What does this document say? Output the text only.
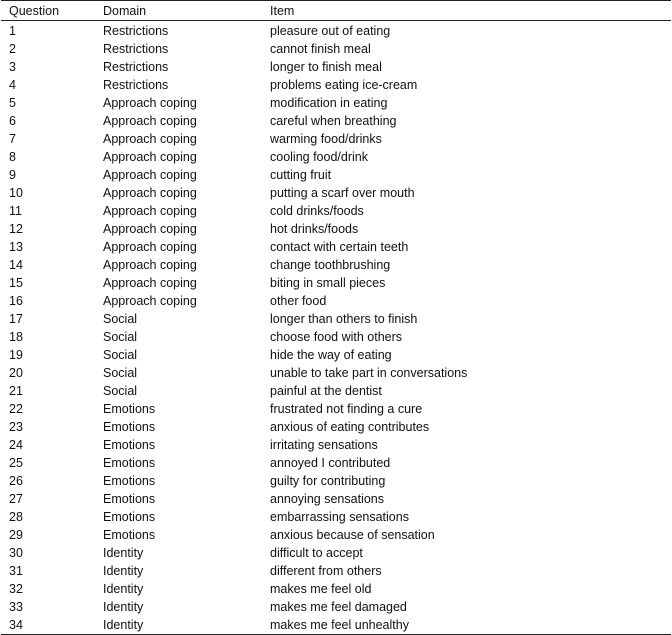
Question	Domain	Item
1	Restrictions	pleasure out of eating
2	Restrictions	cannot finish meal
3	Restrictions	longer to finish meal
4	Restrictions	problems eating ice-cream
5	Approach coping	modification in eating
6	Approach coping	careful when breathing
7	Approach coping	warming food/drinks
8	Approach coping	cooling food/drink
9	Approach coping	cutting fruit
10	Approach coping	putting a scarf over mouth
11	Approach coping	cold drinks/foods
12	Approach coping	hot drinks/foods
13	Approach coping	contact with certain teeth
14	Approach coping	change toothbrushing
15	Approach coping	biting in small pieces
16	Approach coping	other food
17	Social	longer than others to finish
18	Social	choose food with others
19	Social	hide the way of eating
20	Social	unable to take part in conversations
21	Social	painful at the dentist
22	Emotions	frustrated not finding a cure
23	Emotions	anxious of eating contributes
24	Emotions	irritating sensations
25	Emotions	annoyed I contributed
26	Emotions	guilty for contributing
27	Emotions	annoying sensations
28	Emotions	embarrassing sensations
29	Emotions	anxious because of sensation
30	Identity	difficult to accept
31	Identity	different from others
32	Identity	makes me feel old
33	Identity	makes me feel damaged
34	Identity	makes me feel unhealthy
